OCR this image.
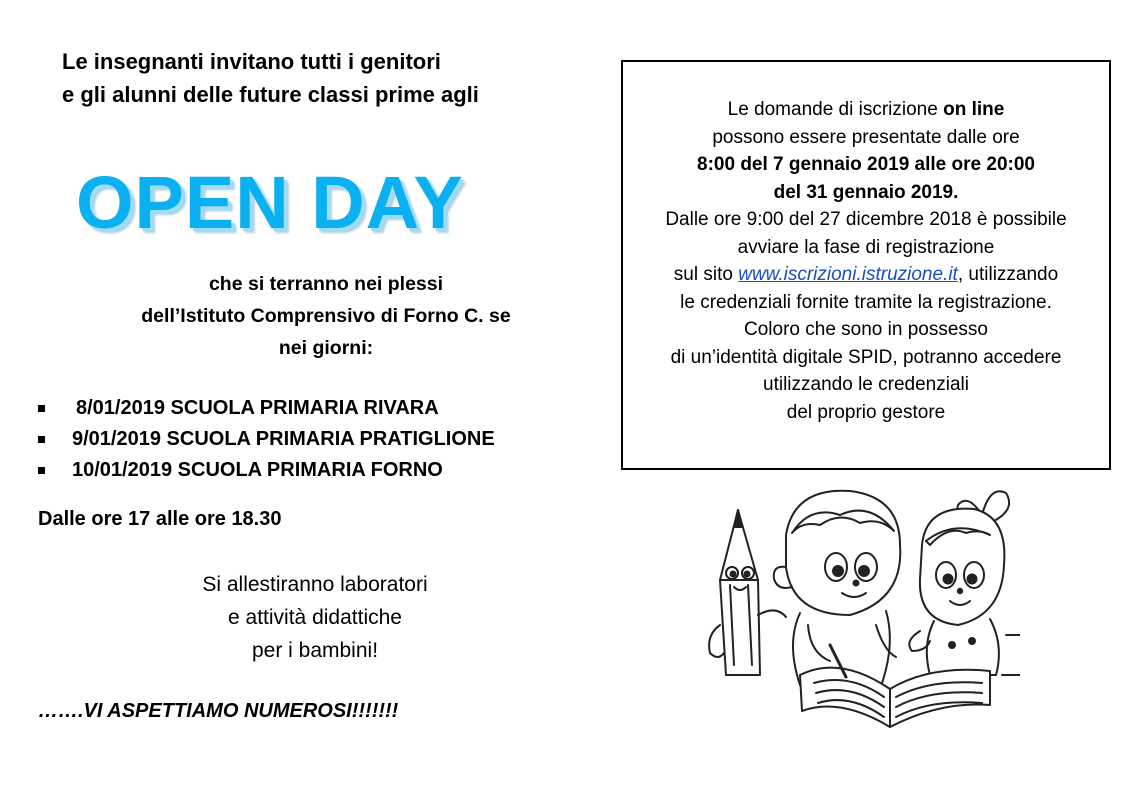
Le insegnanti invitano tutti i genitori
e gli alunni delle future classi prime agli
OPEN DAY
che si terranno nei plessi
dell’Istituto Comprensivo di Forno C. se
nei giorni:
8/01/2019 SCUOLA PRIMARIA RIVARA
9/01/2019 SCUOLA PRIMARIA PRATIGLIONE
10/01/2019 SCUOLA PRIMARIA FORNO
Dalle ore 17 alle ore 18.30
Si allestiranno laboratori
e attività didattiche
per i bambini!
…….VI ASPETTIAMO NUMEROSI!!!!!!!
Le domande di iscrizione on line
possono essere presentate dalle ore
8:00 del 7 gennaio 2019 alle ore 20:00
del 31 gennaio 2019.
Dalle ore 9:00 del 27 dicembre 2018 è possibile
avviare la fase di registrazione
sul sito www.iscrizioni.istruzione.it, utilizzando
le credenziali fornite tramite la registrazione.
Coloro che sono in possesso
di un’identità digitale SPID, potranno accedere
utilizzando le credenziali
del proprio gestore
